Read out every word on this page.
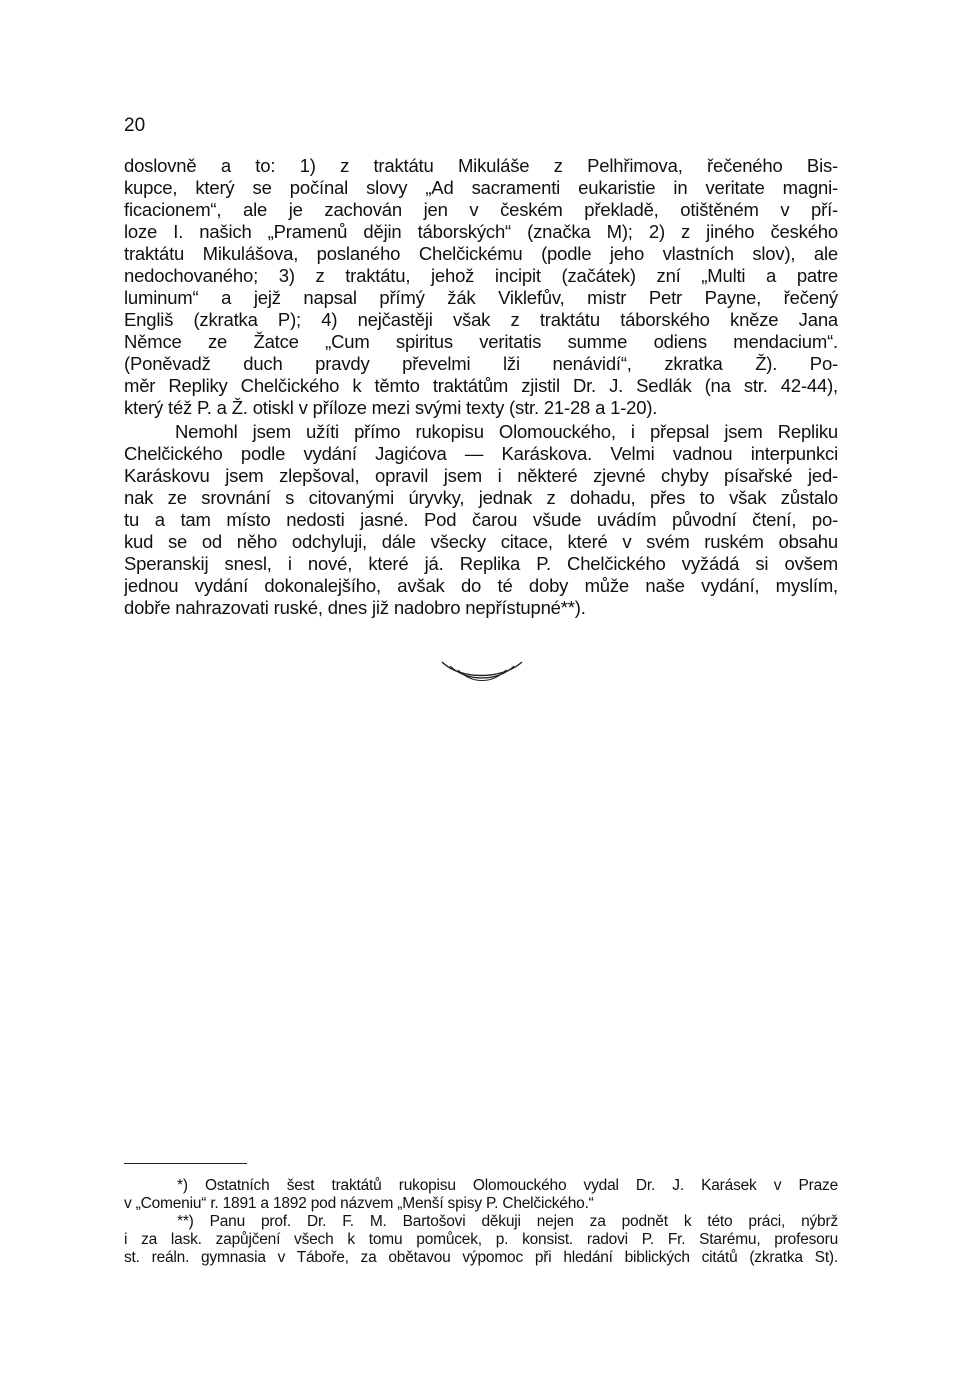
20
doslovně a to: 1) z traktátu Mikuláše z Pelhřimova, řečeného Bis-
kupce, který se počínal slovy „Ad sacramenti eukaristie in veritate magni-
ficacionem“, ale je zachován jen v českém překladě, otištěném v pří-
loze I. našich „Pramenů dějin táborských“ (značka M); 2) z jiného českého
traktátu Mikulášova, poslaného Chelčickému (podle jeho vlastních slov), ale
nedochovaného; 3) z traktátu, jehož incipit (začátek) zní „Multi a patre
luminum“ a jejž napsal přímý žák Viklefův, mistr Petr Payne, řečený
Engliš (zkratka P); 4) nejčastěji však z traktátu táborského kněze Jana
Němce ze Žatce „Cum spiritus veritatis summe odiens mendacium“.
(Poněvadž duch pravdy převelmi lži nenávidí“, zkratka Ž). Po-
měr Repliky Chelčického k těmto traktátům zjistil Dr. J. Sedlák (na str. 42-44),
který též P. a Ž. otiskl v příloze mezi svými texty (str. 21-28 a 1-20).
Nemohl jsem užíti přímo rukopisu Olomouckého, i přepsal jsem Repliku
Chelčického podle vydání Jagićova — Karáskova. Velmi vadnou interpunkci
Karáskovu jsem zlepšoval, opravil jsem i některé zjevné chyby písařské jed-
nak ze srovnání s citovanými úryvky, jednak z dohadu, přes to však zůstalo
tu a tam místo nedosti jasné. Pod čarou všude uvádím původní čtení, po-
kud se od něho odchyluji, dále všecky citace, které v svém ruském obsahu
Speranskij snesl, i nové, které já. Replika P. Chelčického vyžádá si ovšem
jednou vydání dokonalejšího, avšak do té doby může naše vydání, myslím,
dobře nahrazovati ruské, dnes již nadobro nepřístupné**).
*) Ostatních šest traktátů rukopisu Olomouckého vydal Dr. J. Karásek v Praze
v „Comeniu“ r. 1891 a 1892 pod názvem „Menší spisy P. Chelčického.“
**) Panu prof. Dr. F. M. Bartošovi děkuji nejen za podnět k této práci, nýbrž
i za lask. zapůjčení všech k tomu pomůcek, p. konsist. radovi P. Fr. Starému, profesoru
st. reáln. gymnasia v Táboře, za obětavou výpomoc při hledání biblických citátů (zkratka St).
